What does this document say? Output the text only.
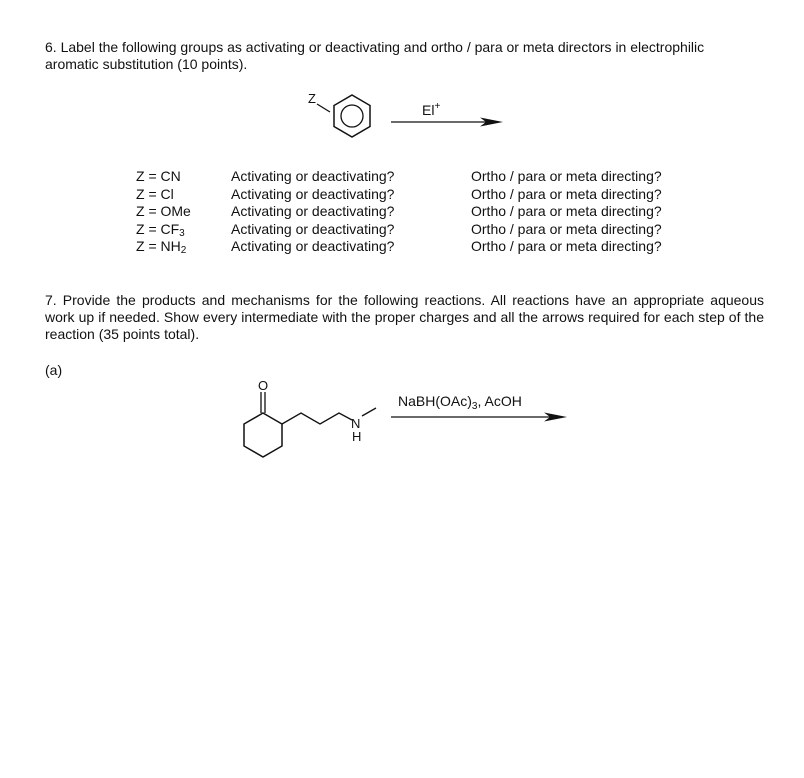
6. Label the following groups as activating or deactivating and ortho / para or meta directors in electrophilic
aromatic substitution (10 points).
Z
El+
Z = CN
Z = Cl
Z = OMe
$Z = CF_3$
$Z = NH_2$
Activating or deactivating?
Activating or deactivating?
Activating or deactivating?
Activating or deactivating?
Activating or deactivating?
Ortho / para or meta directing?
Ortho / para or meta directing?
Ortho / para or meta directing?
Ortho / para or meta directing?
Ortho / para or meta directing?
7. Provide the products and mechanisms for the following reactions. All reactions have an appropriate aqueous work up if needed. Show every intermediate with the proper charges and all the arrows required for each step of the reaction (35 points total).
(a)
O
N
H
$NaBH(OAc)_3$, AcOH
